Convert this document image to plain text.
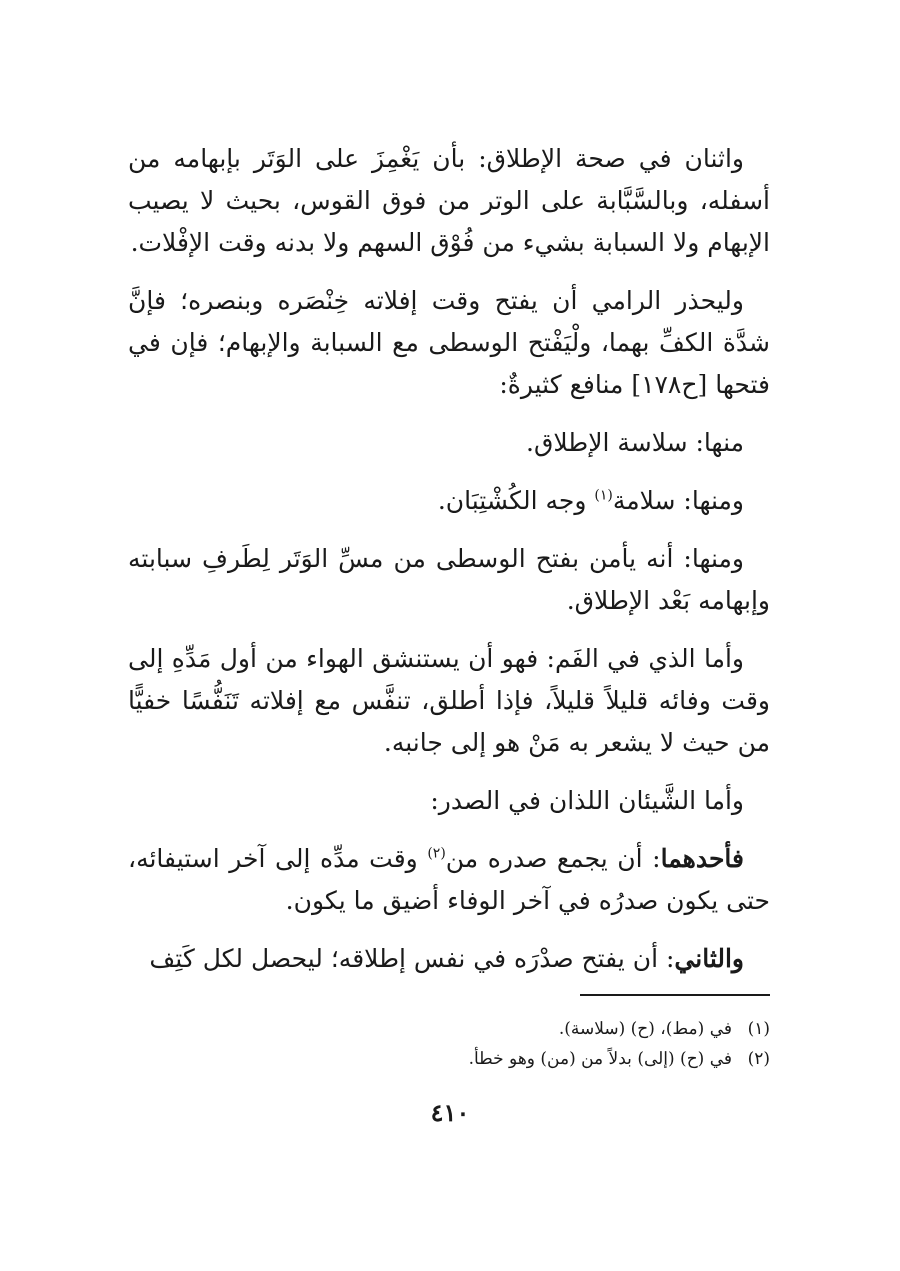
واثنان في صحة الإطلاق: بأن يَغْمِزَ على الوَتَر بإبهامه من أسفله، وبالسَّبَّابة على الوتر من فوق القوس، بحيث لا يصيب الإبهام ولا السبابة بشيء من فُوْق السهم ولا بدنه وقت الإفْلات.

وليحذر الرامي أن يفتح وقت إفلاته خِنْصَره وبنصره؛ فإنَّ شدَّة الكفِّ بهما، ولْيَفْتح الوسطى مع السبابة والإبهام؛ فإن في فتحها [ح١٧٨] منافع كثيرةٌ:

منها: سلاسة الإطلاق.

ومنها: سلامة$^{(١)}$ وجه الكُشْتِبَان.

ومنها: أنه يأمن بفتح الوسطى من مسِّ الوَتَر لِطَرفِ سبابته وإبهامه بَعْد الإطلاق.

وأما الذي في الفَم: فهو أن يستنشق الهواء من أول مَدِّهِ إلى وقت وفائه قليلاً قليلاً، فإذا أطلق، تنفَّس مع إفلاته تَنَفُّسًا خفيًّا من حيث لا يشعر به مَنْ هو إلى جانبه.

وأما الشَّيئان اللذان في الصدر:

فأحدهما: أن يجمع صدره من$^{(٢)}$ وقت مدِّه إلى آخر استيفائه، حتى يكون صدرُه في آخر الوفاء أضيق ما يكون.

والثاني: أن يفتح صدْرَه في نفس إطلاقه؛ ليحصل لكل كَتِف

(١)في (مط)، (ح) (سلاسة).

(٢)في (ح) (إلى) بدلاً من (من) وهو خطأ.

٤١٠
